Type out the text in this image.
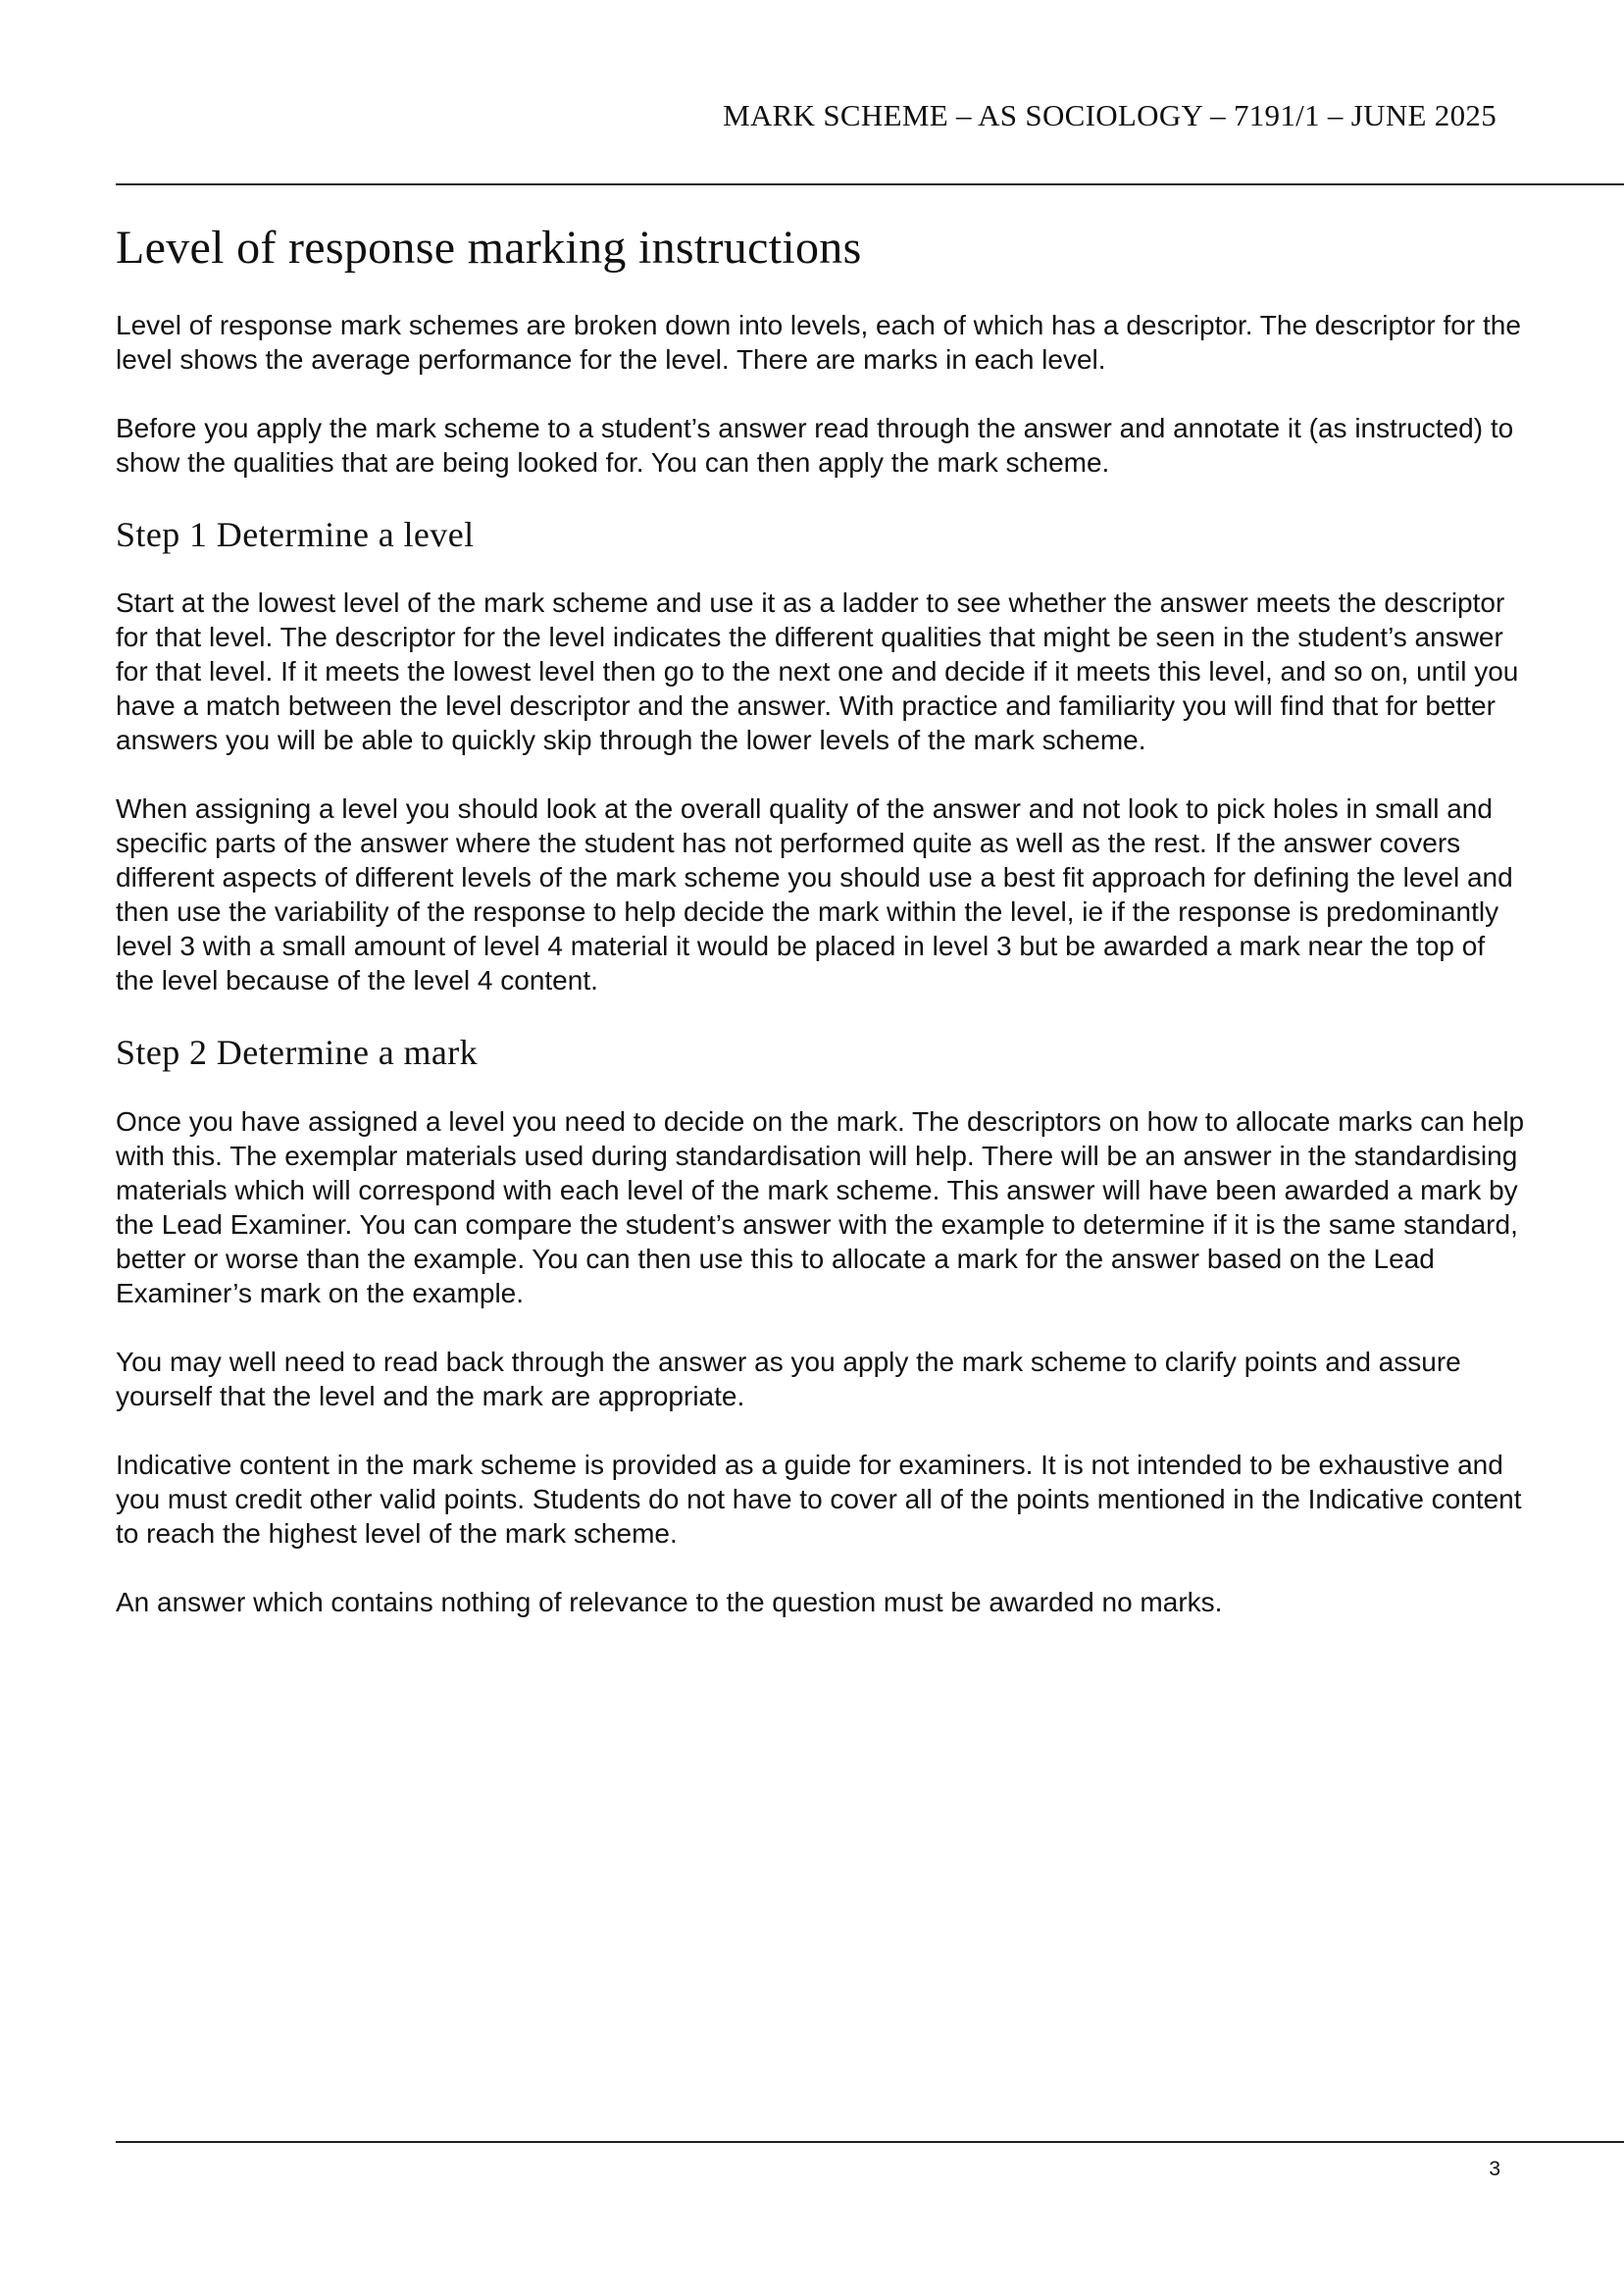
MARK SCHEME – AS SOCIOLOGY – 7191/1 – JUNE 2025
Level of response marking instructions

Level of response mark schemes are broken down into levels, each of which has a descriptor. The descriptor for the level shows the average performance for the level. There are marks in each level.

Before you apply the mark scheme to a student’s answer read through the answer and annotate it (as instructed) to show the qualities that are being looked for. You can then apply the mark scheme.

Step 1 Determine a level

Start at the lowest level of the mark scheme and use it as a ladder to see whether the answer meets the descriptor for that level. The descriptor for the level indicates the different qualities that might be seen in the student’s answer for that level. If it meets the lowest level then go to the next one and decide if it meets this level, and so on, until you have a match between the level descriptor and the answer. With practice and familiarity you will find that for better answers you will be able to quickly skip through the lower levels of the mark scheme.

When assigning a level you should look at the overall quality of the answer and not look to pick holes in small and specific parts of the answer where the student has not performed quite as well as the rest. If the answer covers different aspects of different levels of the mark scheme you should use a best fit approach for defining the level and then use the variability of the response to help decide the mark within the level, ie if the response is predominantly level 3 with a small amount of level 4 material it would be placed in level 3 but be awarded a mark near the top of the level because of the level 4 content.

Step 2 Determine a mark

Once you have assigned a level you need to decide on the mark. The descriptors on how to allocate marks can help with this. The exemplar materials used during standardisation will help. There will be an answer in the standardising materials which will correspond with each level of the mark scheme. This answer will have been awarded a mark by the Lead Examiner. You can compare the student’s answer with the example to determine if it is the same standard, better or worse than the example. You can then use this to allocate a mark for the answer based on the Lead Examiner’s mark on the example.

You may well need to read back through the answer as you apply the mark scheme to clarify points and assure yourself that the level and the mark are appropriate.

Indicative content in the mark scheme is provided as a guide for examiners. It is not intended to be exhaustive and you must credit other valid points. Students do not have to cover all of the points mentioned in the Indicative content to reach the highest level of the mark scheme.

An answer which contains nothing of relevance to the question must be awarded no marks.

3
